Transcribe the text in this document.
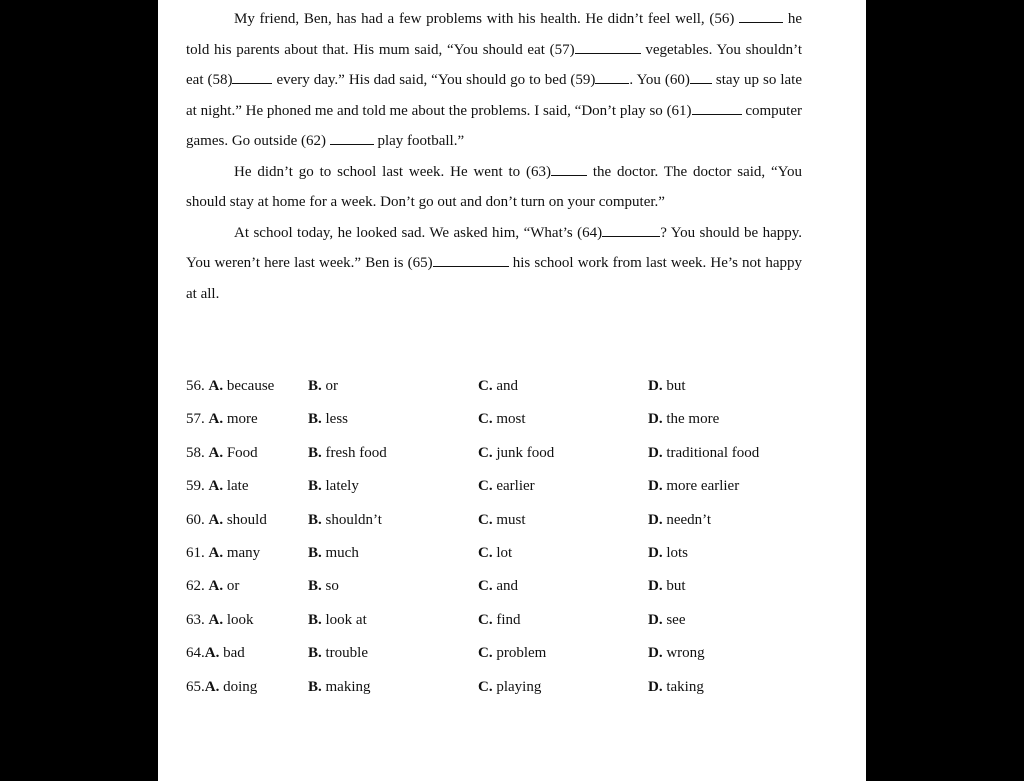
My friend, Ben, has had a few problems with his health. He didn’t feel well, (56)	he told his parents about that. His mum said, “You should eat (57)	vegetables. You shouldn’t eat (58)	every day.” His dad said, “You should go to bed (59) . You (60) stay up so late at night.” He phoned me and told me about the problems. I said, “Don’t play so (61)	computer games. Go outside (62)	play football.”

He didn’t go to school last week. He went to (63)	the doctor. The doctor said, “You should stay at home for a week. Don’t go out and don’t turn on your computer.”

At school today, he looked sad. We asked him, “What’s (64)	? You should be happy. You weren’t here last week.” Ben is (65)	his school work from last week. He’s not happy at all.

56. A. because B. or	C. and	D. but
57. A. more	B. less	C. most	D. the more
58. A. Food	B. fresh food	C. junk food	D. traditional food
59. A. late	B. lately	C. earlier	D. more earlier
60. A. should	B. shouldn’t	C. must	D. needn’t
61. A. many	B. much	C. lot	D. lots
62. A. or	B. so	C. and	D. but
63. A. look	B. look at	C. find	D. see
64.A. bad	B. trouble	C. problem	D. wrong
65.A. doing	B. making	C. playing	D. taking
